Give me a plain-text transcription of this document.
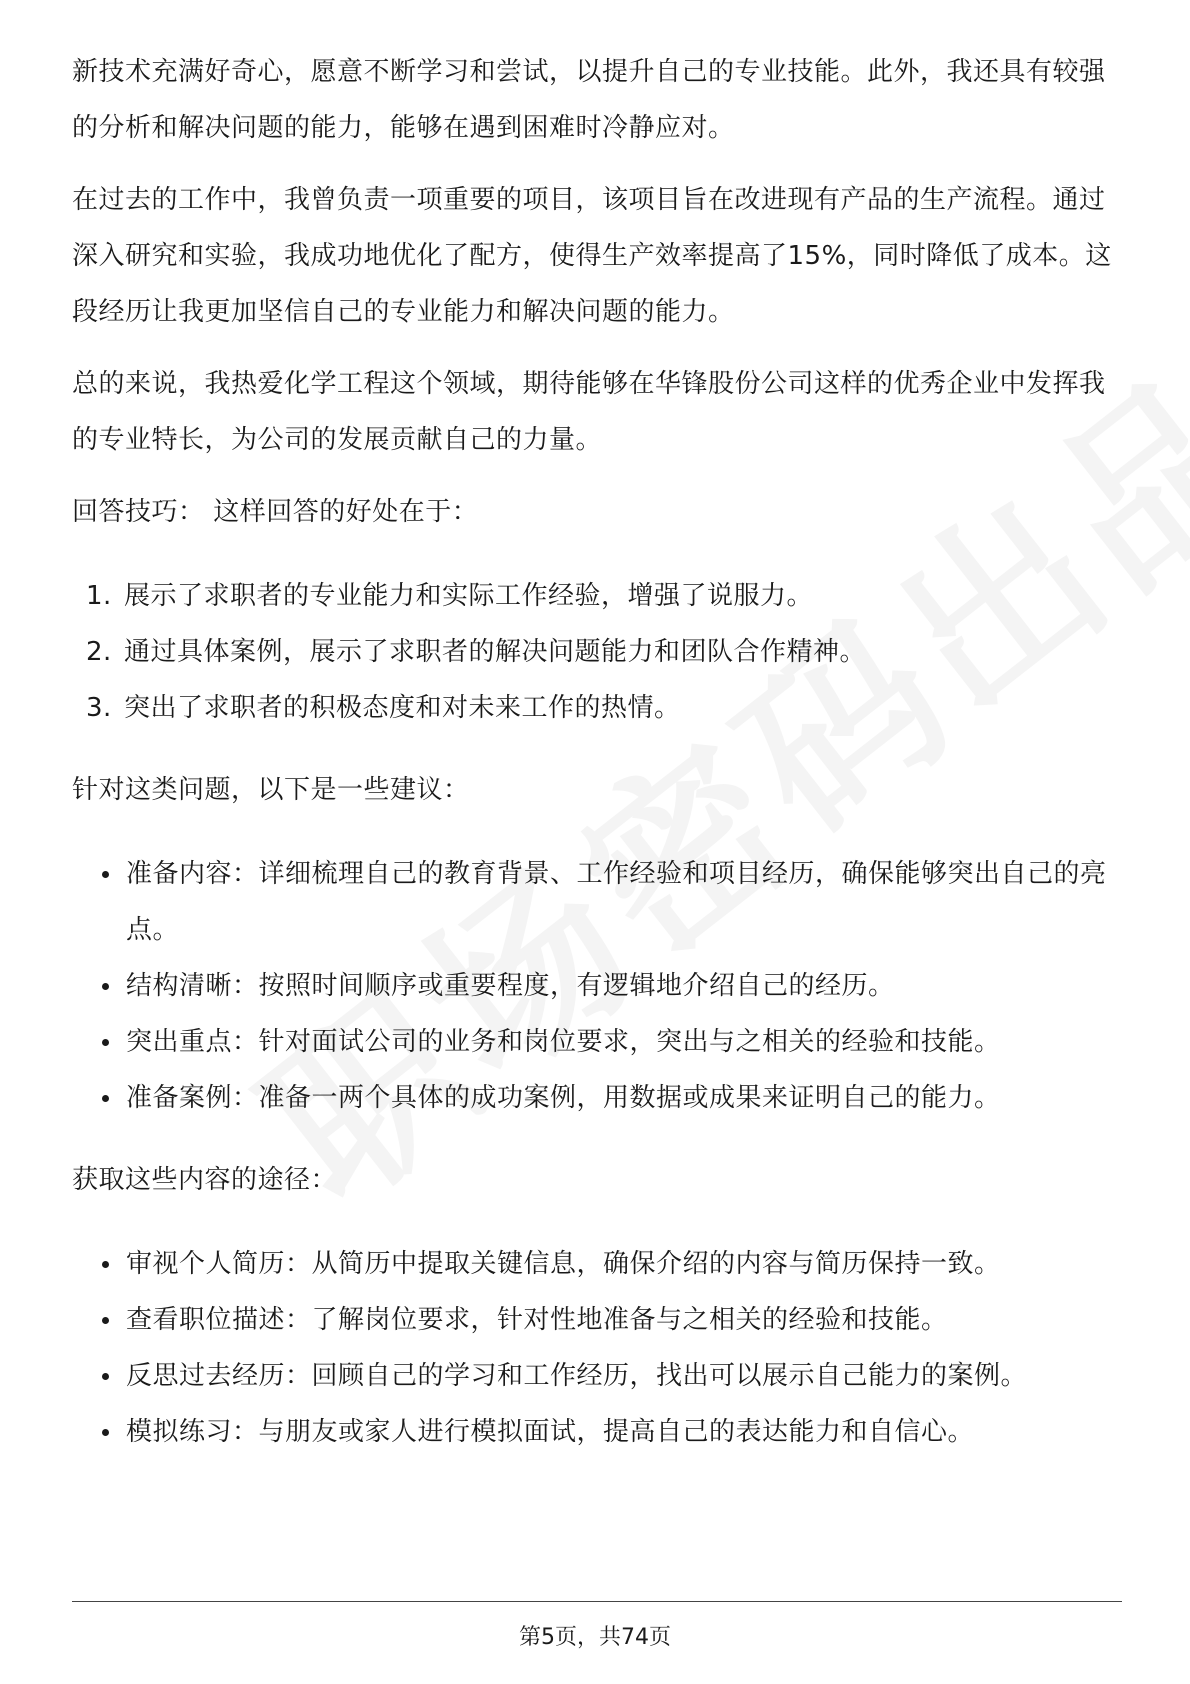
新技术充满好奇心，愿意不断学习和尝试，以提升自己的专业技能。此外，我还具有较强的分析和解决问题的能力，能够在遇到困难时冷静应对。

在过去的工作中，我曾负责一项重要的项目，该项目旨在改进现有产品的生产流程。通过深入研究和实验，我成功地优化了配方，使得生产效率提高了15%，同时降低了成本。这段经历让我更加坚信自己的专业能力和解决问题的能力。

总的来说，我热爱化学工程这个领域，期待能够在华锋股份公司这样的优秀企业中发挥我的专业特长，为公司的发展贡献自己的力量。

回答技巧： 这样回答的好处在于：

1. 展示了求职者的专业能力和实际工作经验，增强了说服力。
2. 通过具体案例，展示了求职者的解决问题能力和团队合作精神。
3. 突出了求职者的积极态度和对未来工作的热情。

针对这类问题，以下是一些建议：

准备内容：详细梳理自己的教育背景、工作经验和项目经历，确保能够突出自己的亮点。
结构清晰：按照时间顺序或重要程度，有逻辑地介绍自己的经历。
突出重点：针对面试公司的业务和岗位要求，突出与之相关的经验和技能。
准备案例：准备一两个具体的成功案例，用数据或成果来证明自己的能力。

获取这些内容的途径：

审视个人简历：从简历中提取关键信息，确保介绍的内容与简历保持一致。
查看职位描述：了解岗位要求，针对性地准备与之相关的经验和技能。
反思过去经历：回顾自己的学习和工作经历，找出可以展示自己能力的案例。
模拟练习：与朋友或家人进行模拟面试，提高自己的表达能力和自信心。
第5页，共74页
